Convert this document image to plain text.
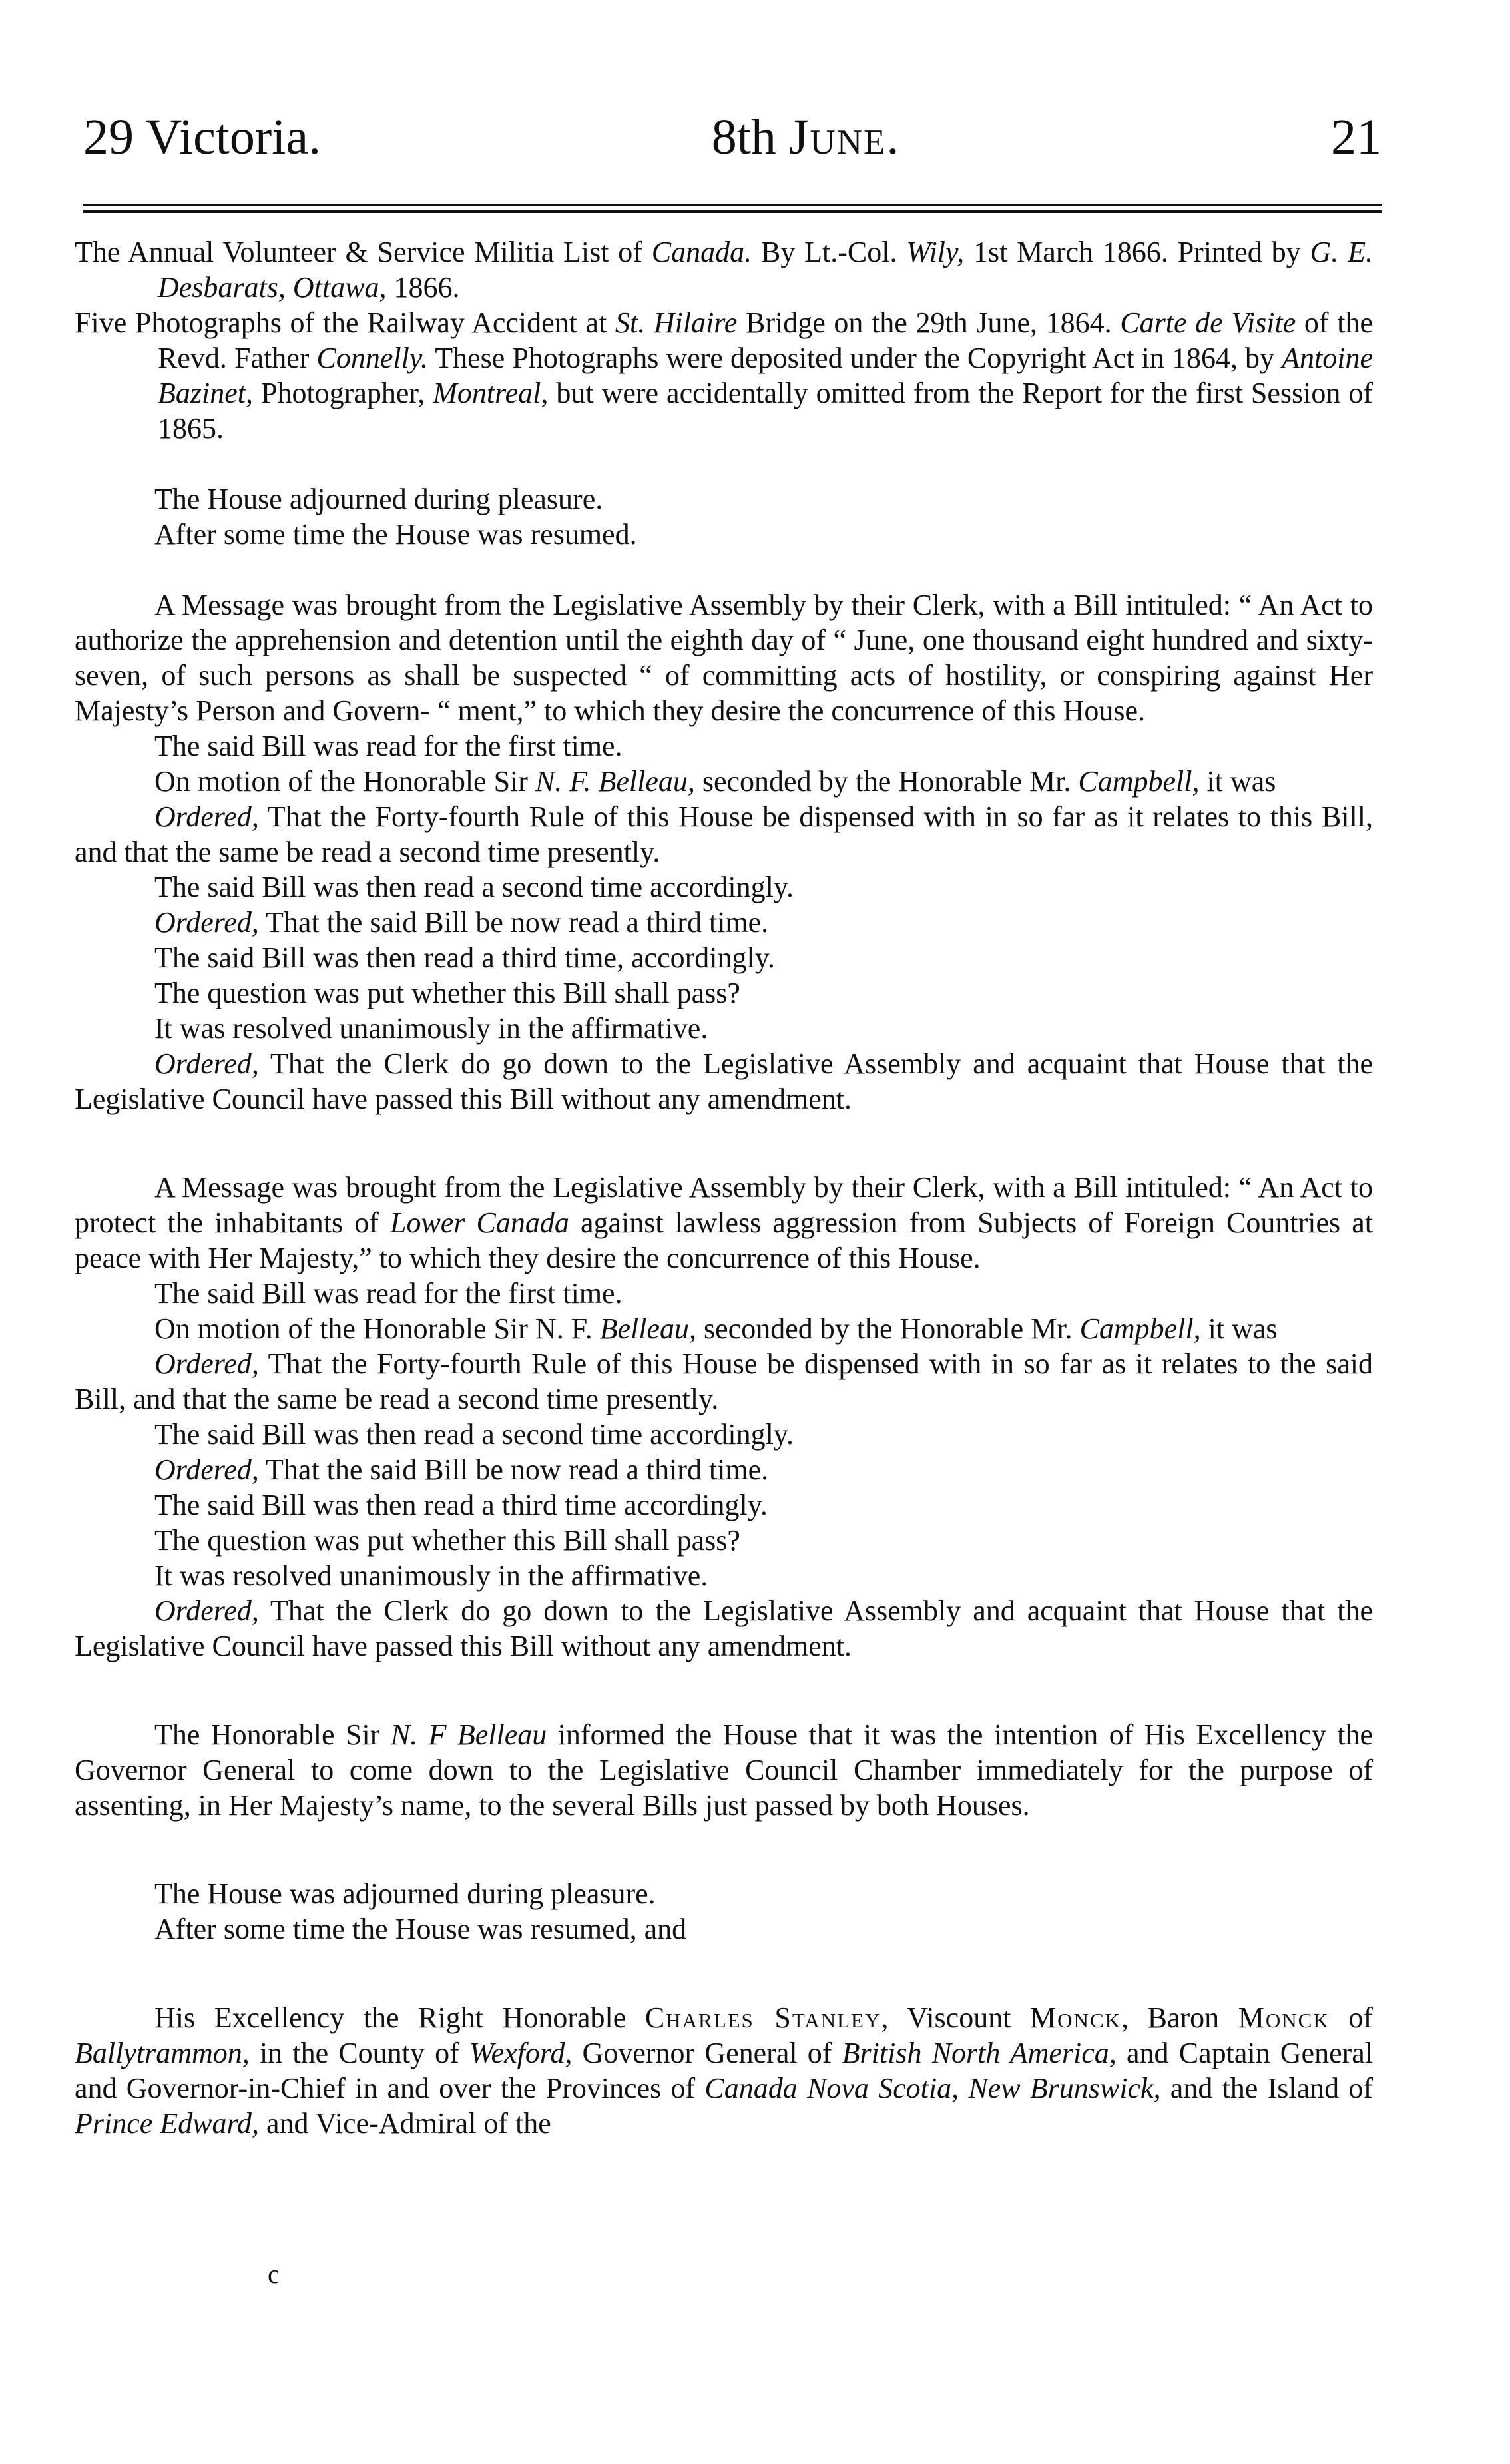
29 Victoria.	8th June.	21

The Annual Volunteer & Service Militia List of Canada. By Lt.-Col. Wily, 1st March 1866. Printed by G. E. Desbarats, Ottawa, 1866.

Five Photographs of the Railway Accident at St. Hilaire Bridge on the 29th June, 1864. Carte de Visite of the Revd. Father Connelly. These Photographs were deposited under the Copyright Act in 1864, by Antoine Bazinet, Photographer, Montreal, but were accidentally omitted from the Report for the first Session of 1865.

The House adjourned during pleasure.

After some time the House was resumed.

A Message was brought from the Legislative Assembly by their Clerk, with a Bill intituled: “ An Act to authorize the apprehension and detention until the eighth day of “ June, one thousand eight hundred and sixty-seven, of such persons as shall be suspected “ of committing acts of hostility, or conspiring against Her Majesty’s Person and Govern- “ ment,” to which they desire the concurrence of this House.

The said Bill was read for the first time.

On motion of the Honorable Sir N. F. Belleau, seconded by the Honorable Mr. Campbell, it was

Ordered, That the Forty-fourth Rule of this House be dispensed with in so far as it relates to this Bill, and that the same be read a second time presently.

The said Bill was then read a second time accordingly.

Ordered, That the said Bill be now read a third time.

The said Bill was then read a third time, accordingly.

The question was put whether this Bill shall pass?

It was resolved unanimously in the affirmative.

Ordered, That the Clerk do go down to the Legislative Assembly and acquaint that House that the Legislative Council have passed this Bill without any amendment.

A Message was brought from the Legislative Assembly by their Clerk, with a Bill intituled: “ An Act to protect the inhabitants of Lower Canada against lawless aggression from Subjects of Foreign Countries at peace with Her Majesty,” to which they desire the concurrence of this House.

The said Bill was read for the first time.

On motion of the Honorable Sir N. F. Belleau, seconded by the Honorable Mr. Campbell, it was

Ordered, That the Forty-fourth Rule of this House be dispensed with in so far as it relates to the said Bill, and that the same be read a second time presently.

The said Bill was then read a second time accordingly.

Ordered, That the said Bill be now read a third time.

The said Bill was then read a third time accordingly.

The question was put whether this Bill shall pass?

It was resolved unanimously in the affirmative.

Ordered, That the Clerk do go down to the Legislative Assembly and acquaint that House that the Legislative Council have passed this Bill without any amendment.

The Honorable Sir N. F Belleau informed the House that it was the intention of His Excellency the Governor General to come down to the Legislative Council Chamber immediately for the purpose of assenting, in Her Majesty’s name, to the several Bills just passed by both Houses.

The House was adjourned during pleasure.

After some time the House was resumed, and

His Excellency the Right Honorable Charles Stanley, Viscount Monck, Baron Monck of Ballytrammon, in the County of Wexford, Governor General of British North America, and Captain General and Governor-in-Chief in and over the Provinces of Canada Nova Scotia, New Brunswick, and the Island of Prince Edward, and Vice-Admiral of the

c
